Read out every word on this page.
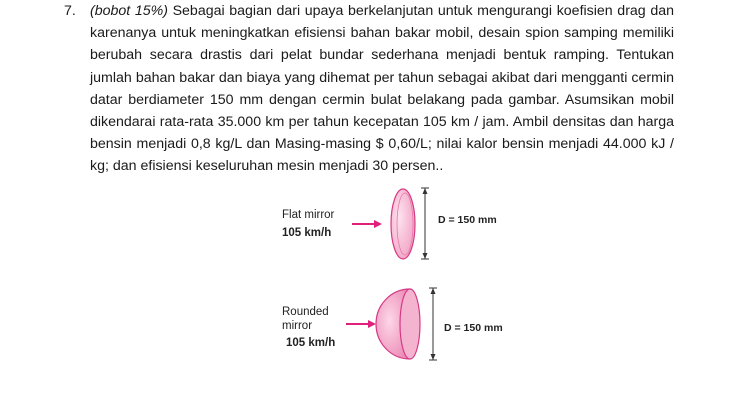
7. (bobot 15%) Sebagai bagian dari upaya berkelanjutan untuk mengurangi koefisien drag dan karenanya untuk meningkatkan efisiensi bahan bakar mobil, desain spion samping memiliki berubah secara drastis dari pelat bundar sederhana menjadi bentuk ramping. Tentukan jumlah bahan bakar dan biaya yang dihemat per tahun sebagai akibat dari mengganti cermin datar berdiameter 150 mm dengan cermin bulat belakang pada gambar. Asumsikan mobil dikendarai rata-rata 35.000 km per tahun kecepatan 105 km / jam. Ambil densitas dan harga bensin menjadi 0,8 kg/L dan Masing-masing $ 0,60/L; nilai kalor bensin menjadi 44.000 kJ / kg; dan efisiensi keseluruhan mesin menjadi 30 persen..
Flat mirror
105 km/h
D = 150 mm
Rounded
mirror
105 km/h
D = 150 mm
